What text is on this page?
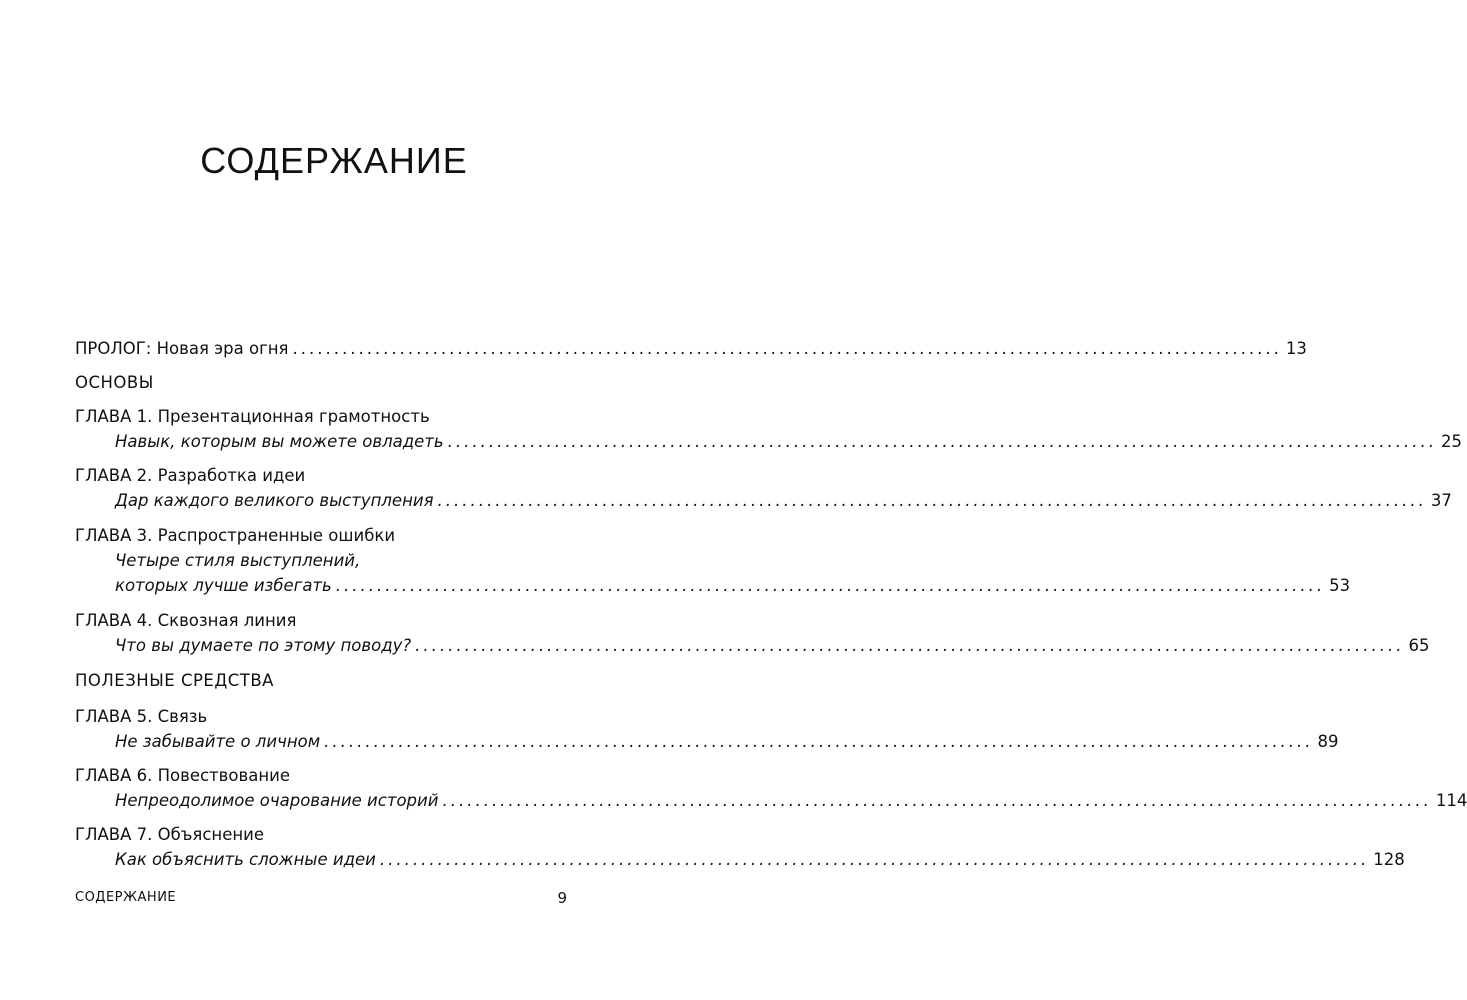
СОДЕРЖАНИЕ
ПРОЛОГ: Новая эра огня ........................................................................................................................ 13
ОСНОВЫ
ГЛАВА 1. Презентационная грамотность
Навык, которым вы можете овладеть ........................................................................................................................ 25
ГЛАВА 2. Разработка идеи
Дар каждого великого выступления ........................................................................................................................ 37
ГЛАВА 3. Распространенные ошибки
Четыре стиля выступлений,
которых лучше избегать ........................................................................................................................ 53
ГЛАВА 4. Сквозная линия
Что вы думаете по этому поводу? ........................................................................................................................ 65
ПОЛЕЗНЫЕ СРЕДСТВА
ГЛАВА 5. Связь
Не забывайте о личном ........................................................................................................................ 89
ГЛАВА 6. Повествование
Непреодолимое очарование историй ........................................................................................................................ 114
ГЛАВА 7. Объяснение
Как объяснить сложные идеи ........................................................................................................................ 128
СОДЕРЖАНИЕ	9
